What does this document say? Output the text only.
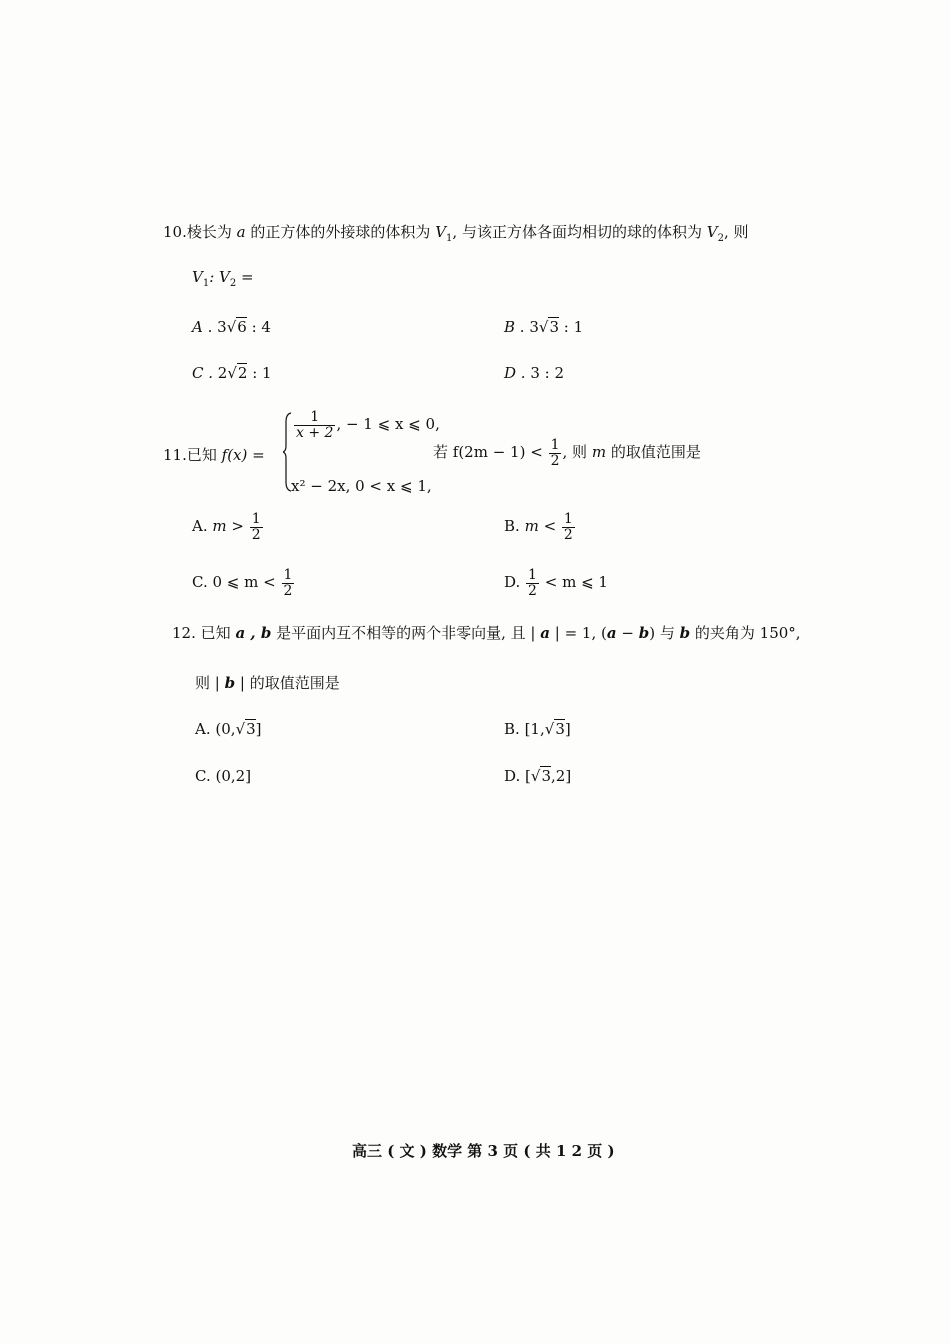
10.棱长为 a 的正方体的外接球的体积为 $V_1$, 与该正方体各面均相切的球的体积为 $V_2$, 则
$V_1$: $V_2$ =
A . 3√6 : 4	B . 3√3 : 1
C . 2√2 : 1	D . 3 : 2
11.已知 f(x) =
$\frac{1}{x + 2}$ , − 1 ⩽ x ⩽ 0,
x² − 2x, 0 < x ⩽ 1,
若 $f(2m - 1) < \frac{1}{2}$ , 则 m 的取值范围是
A. $m > \frac{1}{2}$	B. $m < \frac{1}{2}$
C. 0 ⩽ $m < \frac{1}{2}$	D. $\frac{1}{2} < m$ ⩽ 1
12. 已知 a , b 是平面内互不相等的两个非零向量, 且 | a | = 1, (a − b) 与 b 的夹角为 150°,
则 | b | 的取值范围是
A. (0,√3]	B. [1,√3]
C. (0,2]	D. [√3,2]
高三 ( 文 ) 数学 第 3 页 ( 共 1 2 页 )
